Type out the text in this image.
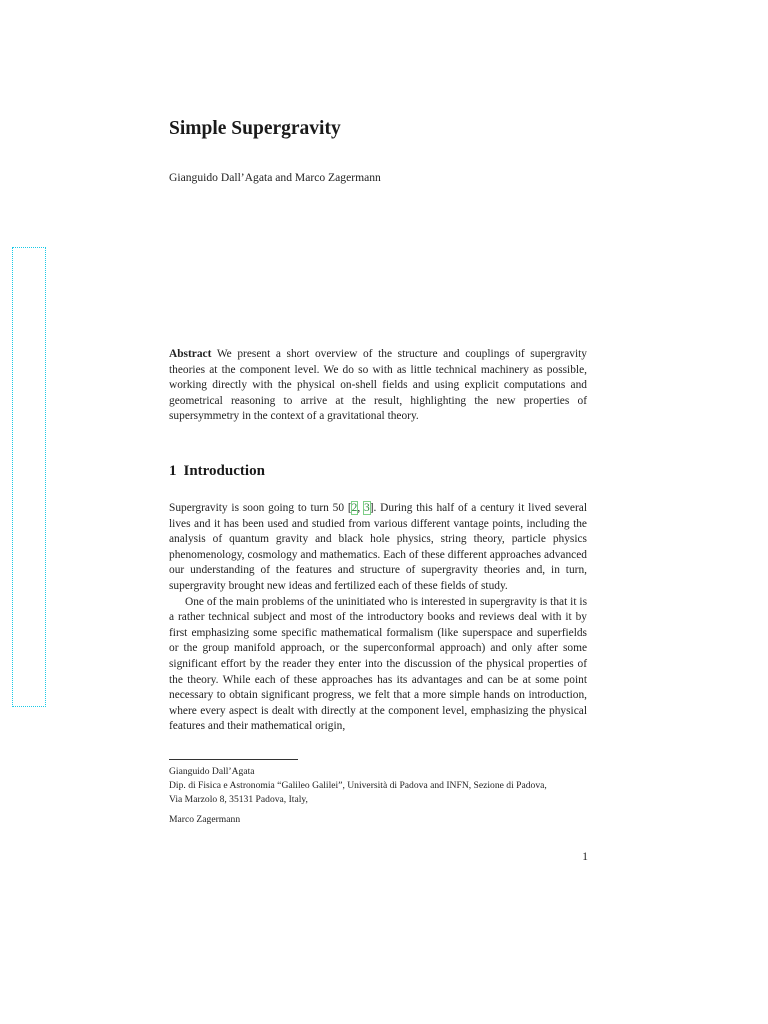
Simple Supergravity
Gianguido Dall’Agata and Marco Zagermann

Abstract We present a short overview of the structure and couplings of supergravity theories at the component level. We do so with as little technical machinery as possible, working directly with the physical on-shell fields and using explicit computations and geometrical reasoning to arrive at the result, highlighting the new properties of supersymmetry in the context of a gravitational theory.

1 Introduction

Supergravity is soon going to turn 50 [2, 3]. During this half of a century it lived several lives and it has been used and studied from various different vantage points, including the analysis of quantum gravity and black hole physics, string theory, particle physics phenomenology, cosmology and mathematics. Each of these different approaches advanced our understanding of the features and structure of supergravity theories and, in turn, supergravity brought new ideas and fertilized each of these fields of study.

One of the main problems of the uninitiated who is interested in supergravity is that it is a rather technical subject and most of the introductory books and reviews deal with it by first emphasizing some specific mathematical formalism (like superspace and superfields or the group manifold approach, or the superconformal approach) and only after some significant effort by the reader they enter into the discussion of the physical properties of the theory. While each of these approaches has its advantages and can be at some point necessary to obtain significant progress, we felt that a more simple hands on introduction, where every aspect is dealt with directly at the component level, emphasizing the physical features and their mathematical origin,

Gianguido Dall’Agata
Dip. di Fisica e Astronomia “Galileo Galilei”, Università di Padova and INFN, Sezione di Padova,
Via Marzolo 8, 35131 Padova, Italy,
Marco Zagermann
1
